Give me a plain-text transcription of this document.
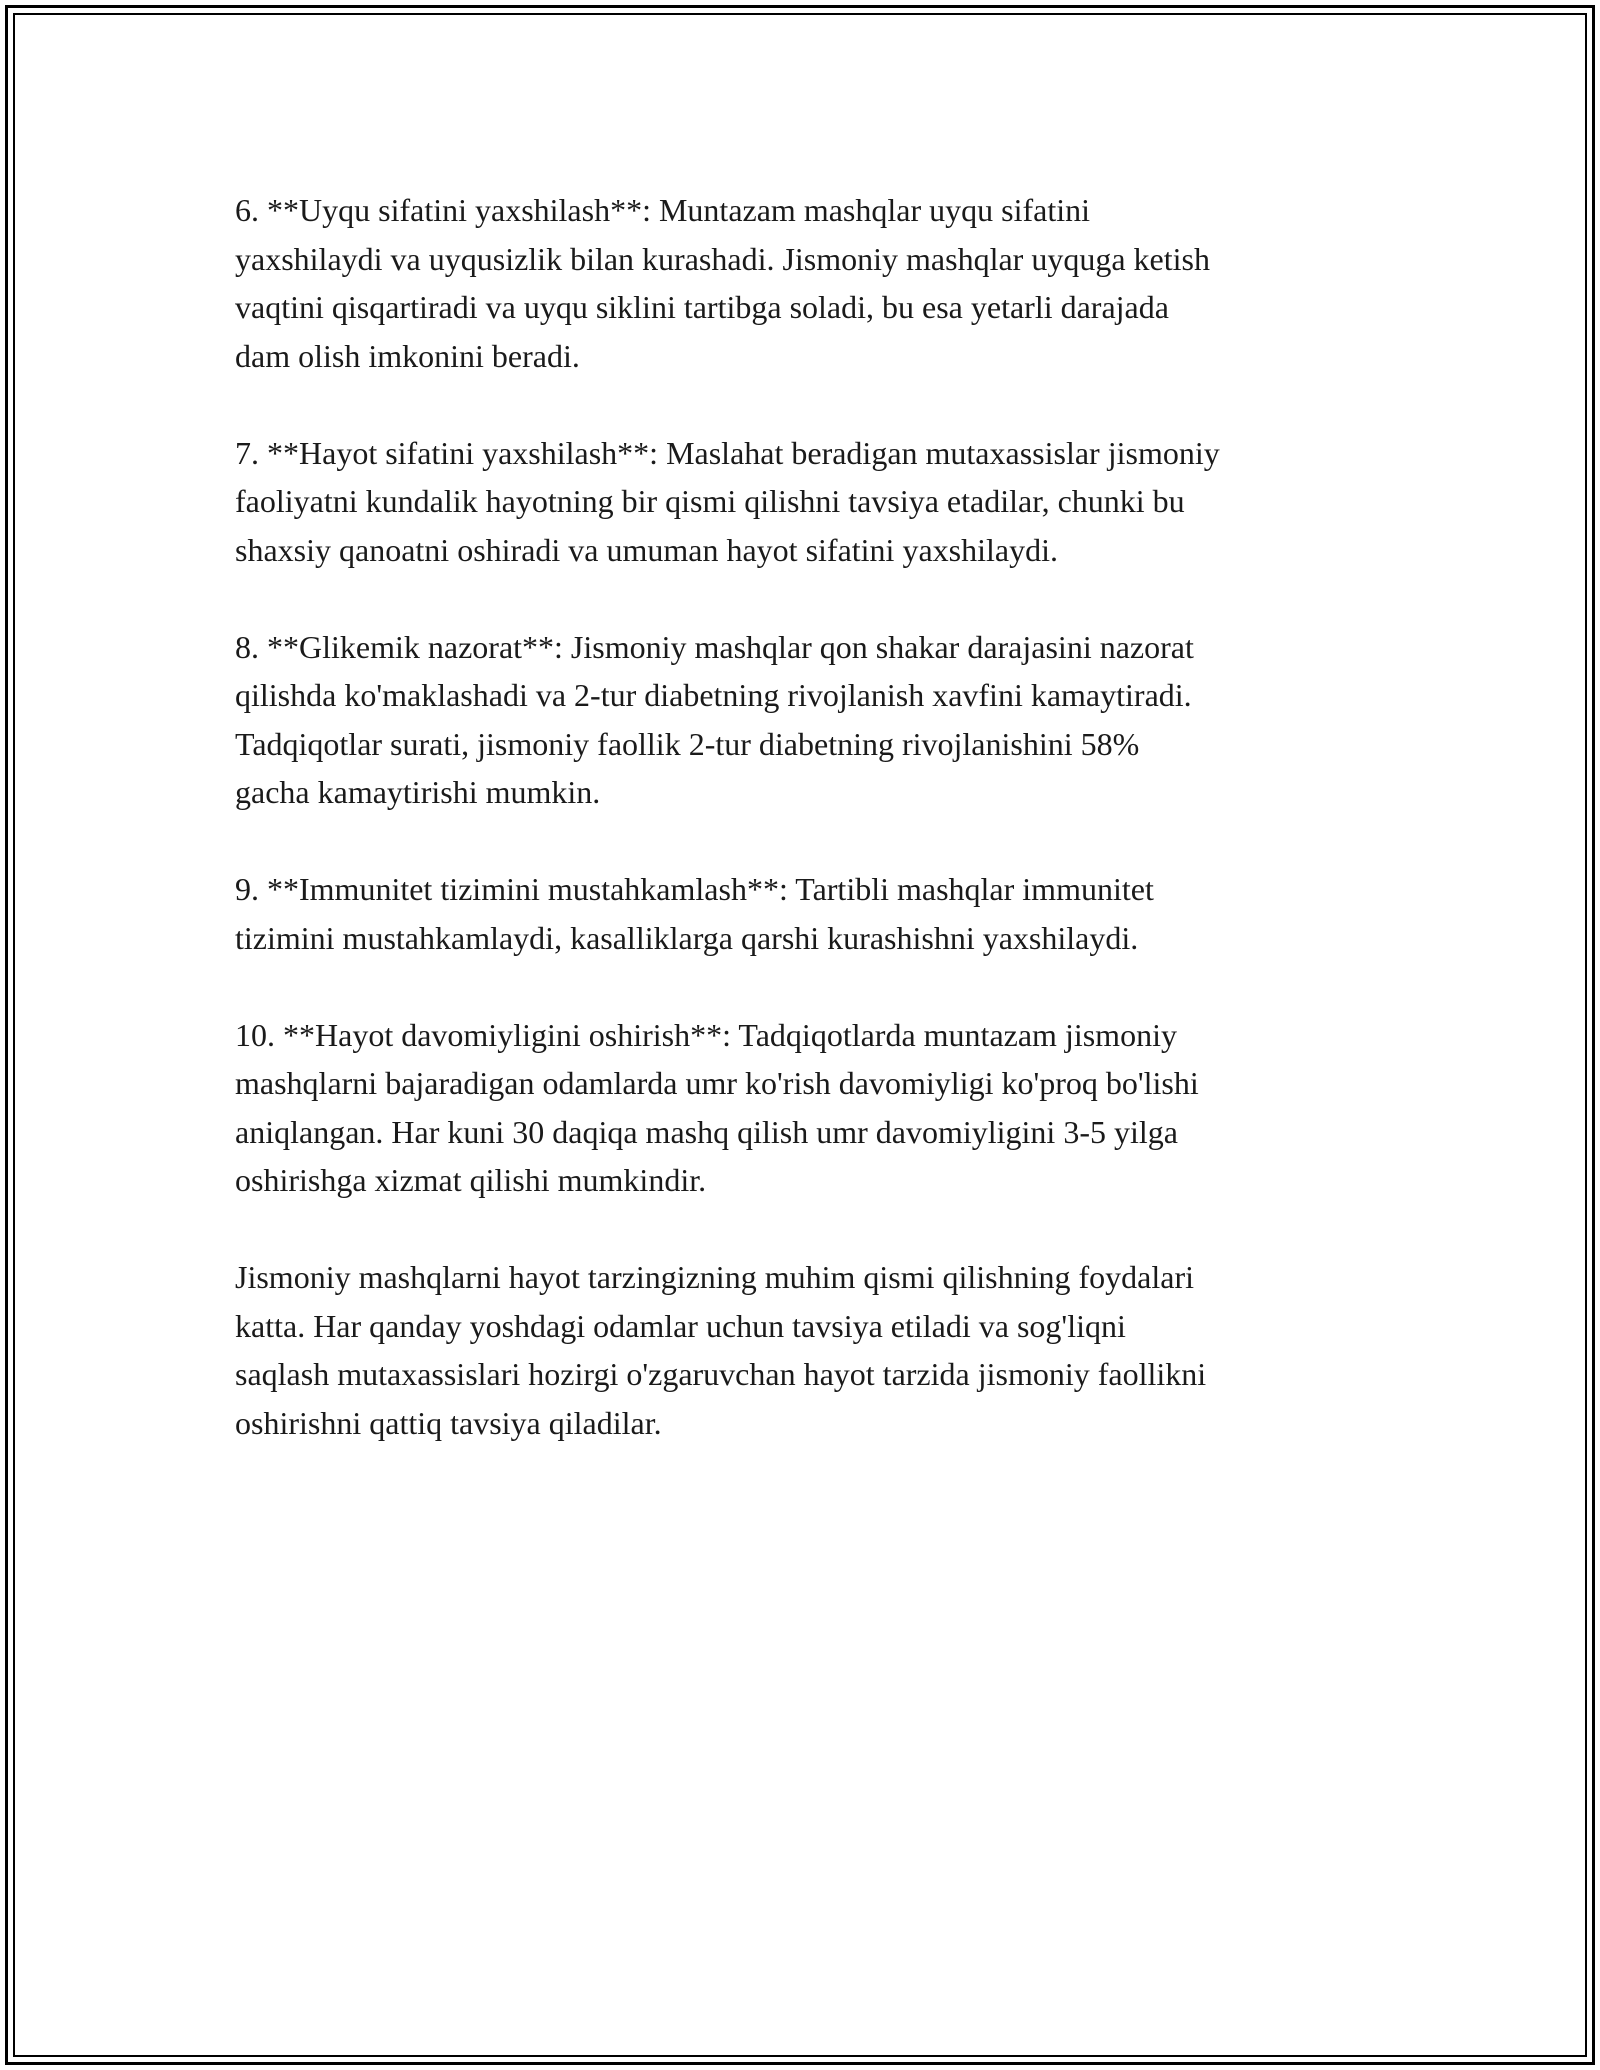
6. **Uyqu sifatini yaxshilash**: Muntazam mashqlar uyqu sifatini
yaxshilaydi va uyqusizlik bilan kurashadi. Jismoniy mashqlar uyquga ketish
vaqtini qisqartiradi va uyqu siklini tartibga soladi, bu esa yetarli darajada
dam olish imkonini beradi.

7. **Hayot sifatini yaxshilash**: Maslahat beradigan mutaxassislar jismoniy
faoliyatni kundalik hayotning bir qismi qilishni tavsiya etadilar, chunki bu
shaxsiy qanoatni oshiradi va umuman hayot sifatini yaxshilaydi.

8. **Glikemik nazorat**: Jismoniy mashqlar qon shakar darajasini nazorat
qilishda ko'maklashadi va 2-tur diabetning rivojlanish xavfini kamaytiradi.
Tadqiqotlar surati, jismoniy faollik 2-tur diabetning rivojlanishini 58%
gacha kamaytirishi mumkin.

9. **Immunitet tizimini mustahkamlash**: Tartibli mashqlar immunitet
tizimini mustahkamlaydi, kasalliklarga qarshi kurashishni yaxshilaydi.

10. **Hayot davomiyligini oshirish**: Tadqiqotlarda muntazam jismoniy
mashqlarni bajaradigan odamlarda umr ko'rish davomiyligi ko'proq bo'lishi
aniqlangan. Har kuni 30 daqiqa mashq qilish umr davomiyligini 3-5 yilga
oshirishga xizmat qilishi mumkindir.

Jismoniy mashqlarni hayot tarzingizning muhim qismi qilishning foydalari
katta. Har qanday yoshdagi odamlar uchun tavsiya etiladi va sog'liqni
saqlash mutaxassislari hozirgi o'zgaruvchan hayot tarzida jismoniy faollikni
oshirishni qattiq tavsiya qiladilar.
